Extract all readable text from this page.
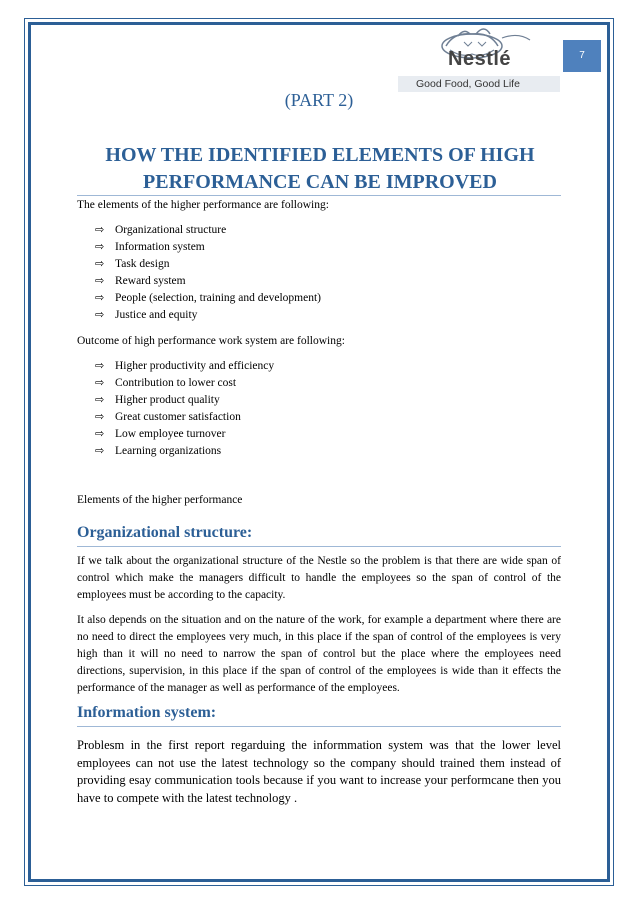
7
Nestlé
Good Food, Good Life
(PART 2)
HOW THE IDENTIFIED ELEMENTS OF HIGH PERFORMANCE CAN BE IMPROVED
The elements of the higher performance are following:
⇨ Organizational structure
⇨ Information system
⇨ Task design
⇨ Reward system
⇨ People (selection, training and development)
⇨ Justice and equity
Outcome of high performance work system are following:
⇨ Higher productivity and efficiency
⇨ Contribution to lower cost
⇨ Higher product quality
⇨ Great customer satisfaction
⇨ Low employee turnover
⇨ Learning organizations
Elements of the higher performance
Organizational structure:

If we talk about the organizational structure of the Nestle so the problem is that there are wide span of control which make the managers difficult to handle the employees so the span of control of the employees must be according to the capacity.

It also depends on the situation and on the nature of the work, for example a department where there are no need to direct the employees very much, in this place if the span of control of the employees is very high than it will no need to narrow the span of control but the place where the employees need directions, supervision, in this place if the span of control of the employees is wide than it effects the performance of the manager as well as performance of the employees.

Information system:

Problesm in the first report regarduing the informmation system was that the lower level employees can not use the latest technology so the company should trained them instead of providing esay communication tools because if you want to increase your performcane then you have to compete with the latest technology .
